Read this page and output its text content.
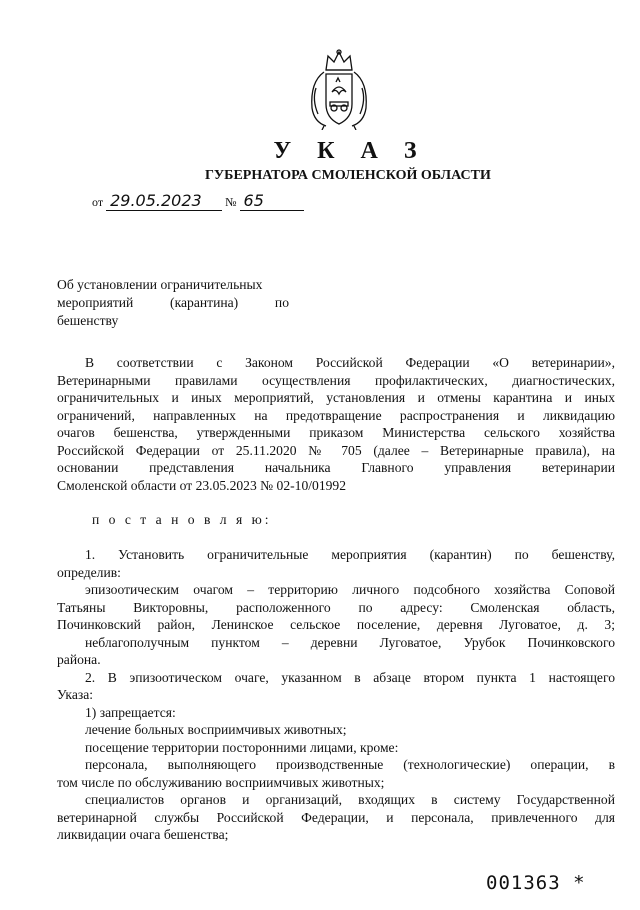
У К А З
ГУБЕРНАТОРА СМОЛЕНСКОЙ ОБЛАСТИ
от 29.05.2023 № 65
Об установлении ограничительных
мероприятий (карантина) по
бешенству
В соответствии с Законом Российской Федерации «О ветеринарии»,
Ветеринарными правилами осуществления профилактических, диагностических,
ограничительных и иных мероприятий, установления и отмены карантина и иных
ограничений, направленных на предотвращение распространения и ликвидацию
очагов бешенства, утвержденными приказом Министерства сельского хозяйства
Российской Федерации от 25.11.2020 № 705 (далее – Ветеринарные правила), на
основании представления начальника Главного управления ветеринарии
Смоленской области от 23.05.2023 № 02-10/01992
п о с т а н о в л я ю:
1. Установить ограничительные мероприятия (карантин) по бешенству,
определив:
эпизоотическим очагом – территорию личного подсобного хозяйства Соповой
Татьяны Викторовны, расположенного по адресу: Смоленская область,
Починковский район, Ленинское сельское поселение, деревня Луговатое, д. 3;
неблагополучным пунктом – деревни Луговатое, Урубок Починковского
района.
2. В эпизоотическом очаге, указанном в абзаце втором пункта 1 настоящего
Указа:
1) запрещается:
лечение больных восприимчивых животных;
посещение территории посторонними лицами, кроме:
персонала, выполняющего производственные (технологические) операции, в
том числе по обслуживанию восприимчивых животных;
специалистов органов и организаций, входящих в систему Государственной
ветеринарной службы Российской Федерации, и персонала, привлеченного для
ликвидации очага бешенства;
001363 *
